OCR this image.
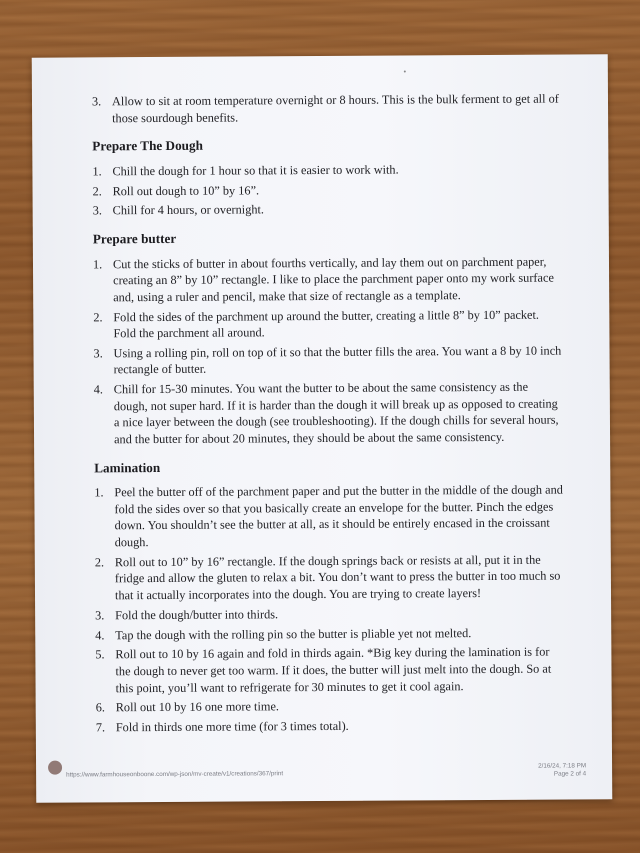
3. Allow to sit at room temperature overnight or 8 hours. This is the bulk ferment to get all of those sourdough benefits.
Prepare The Dough
1. Chill the dough for 1 hour so that it is easier to work with.
2. Roll out dough to 10” by 16”.
3. Chill for 4 hours, or overnight.
Prepare butter
1. Cut the sticks of butter in about fourths vertically, and lay them out on parchment paper, creating an 8” by 10” rectangle. I like to place the parchment paper onto my work surface and, using a ruler and pencil, make that size of rectangle as a template.
2. Fold the sides of the parchment up around the butter, creating a little 8” by 10” packet. Fold the parchment all around.
3. Using a rolling pin, roll on top of it so that the butter fills the area. You want a 8 by 10 inch rectangle of butter.
4. Chill for 15-30 minutes. You want the butter to be about the same consistency as the dough, not super hard. If it is harder than the dough it will break up as opposed to creating a nice layer between the dough (see troubleshooting). If the dough chills for several hours, and the butter for about 20 minutes, they should be about the same consistency.
Lamination
1. Peel the butter off of the parchment paper and put the butter in the middle of the dough and fold the sides over so that you basically create an envelope for the butter. Pinch the edges down. You shouldn’t see the butter at all, as it should be entirely encased in the croissant dough.
2. Roll out to 10” by 16” rectangle. If the dough springs back or resists at all, put it in the fridge and allow the gluten to relax a bit. You don’t want to press the butter in too much so that it actually incorporates into the dough. You are trying to create layers!
3. Fold the dough/butter into thirds.
4. Tap the dough with the rolling pin so the butter is pliable yet not melted.
5. Roll out to 10 by 16 again and fold in thirds again. *Big key during the lamination is for the dough to never get too warm. If it does, the butter will just melt into the dough. So at this point, you’ll want to refrigerate for 30 minutes to get it cool again.
6. Roll out 10 by 16 one more time.
7. Fold in thirds one more time (for 3 times total).
https://www.farmhouseonboone.com/wp-json/mv-create/v1/creations/367/print
2/16/24, 7:18 PM
Page 2 of 4
